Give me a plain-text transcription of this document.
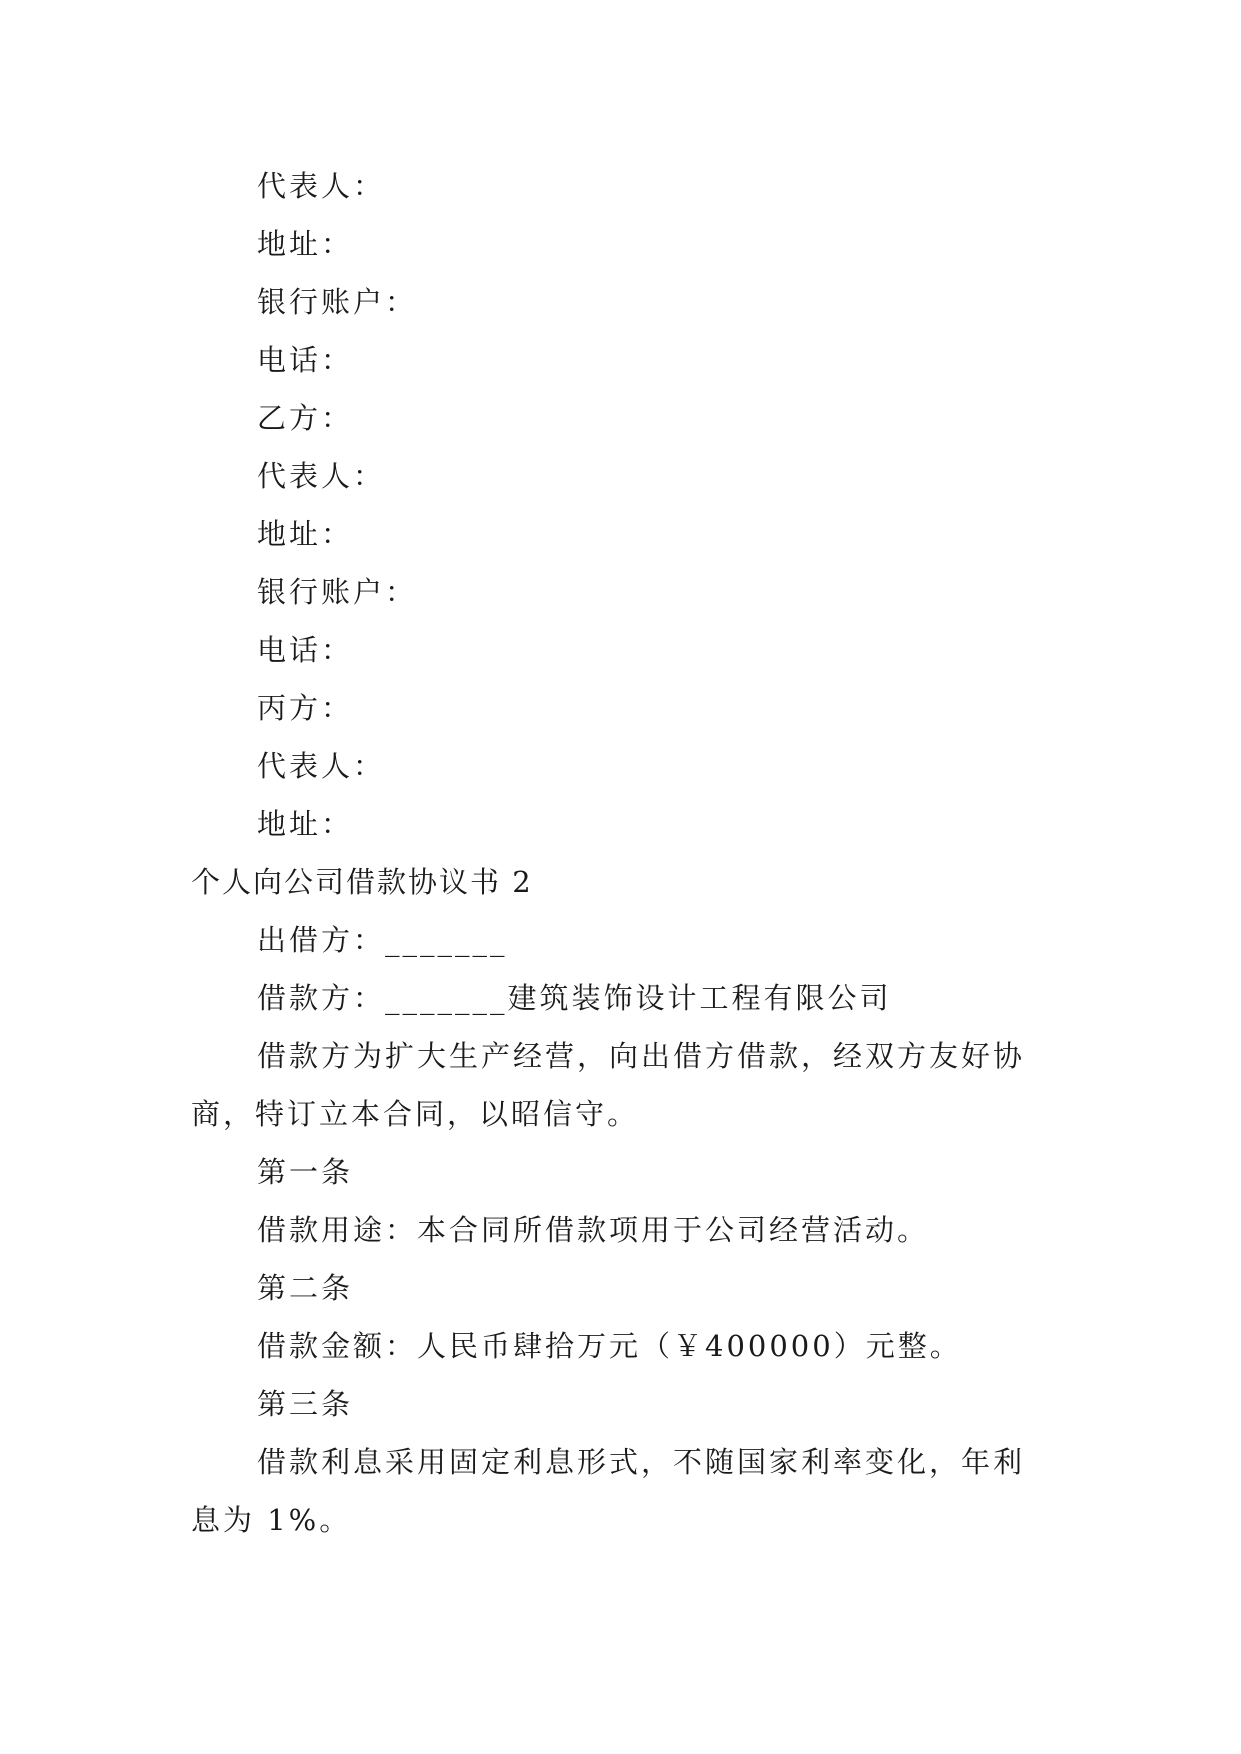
代表人：
地址：
银行账户：
电话：
乙方：
代表人：
地址：
银行账户：
电话：
丙方：
代表人：
地址：
个人向公司借款协议书 2
出借方：_______
借款方：_______建筑装饰设计工程有限公司
借款方为扩大生产经营，向出借方借款，经双方友好协
商，特订立本合同，以昭信守。
第一条
借款用途：本合同所借款项用于公司经营活动。
第二条
借款金额：人民币肆拾万元（￥400000）元整。
第三条
借款利息采用固定利息形式，不随国家利率变化，年利
息为 1%。
